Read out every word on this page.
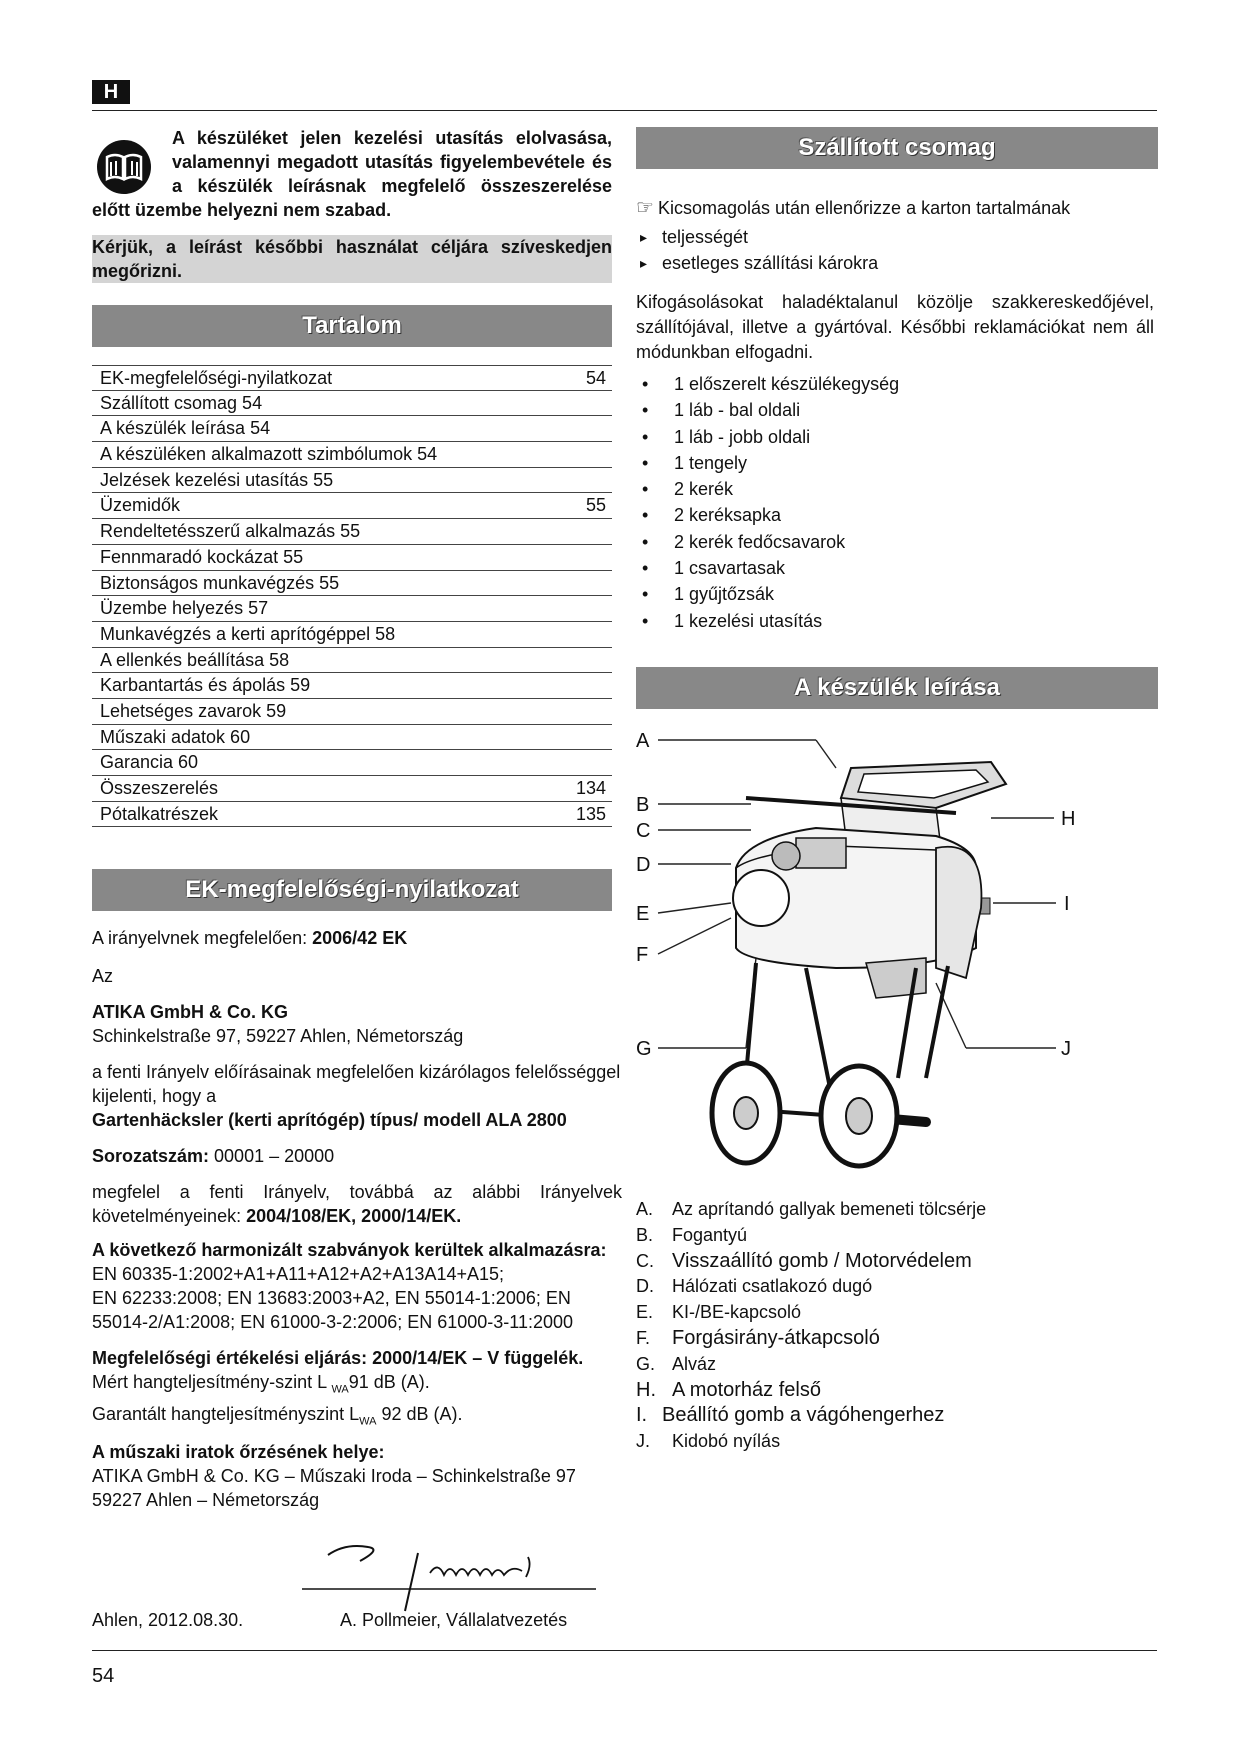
H
A készüléket jelen kezelési utasítás elolvasása, valamennyi megadott utasítás figyelembevétele és a készülék leírásnak megfelelő összeszerelése előtt üzembe helyezni nem szabad.
Kérjük, a leírást későbbi használat céljára szíveskedjen megőrizni.
Tartalom
EK-megfelelőségi-nyilatkozat	54
Szállított csomag 54
A készülék leírása 54
A készüléken alkalmazott szimbólumok 54
Jelzések kezelési utasítás 55
Üzemidők	55
Rendeltetésszerű alkalmazás 55
Fennmaradó kockázat 55
Biztonságos munkavégzés 55
Üzembe helyezés 57
Munkavégzés a kerti aprítógéppel 58
A ellenkés beállítása 58
Karbantartás és ápolás 59
Lehetséges zavarok 59
Műszaki adatok 60
Garancia 60
Összeszerelés	134
Pótalkatrészek	135
EK-megfelelőségi-nyilatkozat

A irányelvnek megfelelően: 2006/42 EK

Az

ATIKA GmbH & Co. KG

Schinkelstraße 97, 59227 Ahlen, Németország

a fenti Irányelv előírásainak megfelelően kizárólagos felelősséggel kijelenti, hogy a

Gartenhäcksler (kerti aprítógép) típus/ modell ALA 2800

Sorozatszám: 00001 – 20000

megfelel a fenti Irányelv, továbbá az alábbi Irányelvek követelményeinek: 2004/108/EK, 2000/14/EK.

A következő harmonizált szabványok kerültek alkalmazásra:

EN 60335-1:2002+A1+A11+A12+A2+A13A14+A15;

EN 62233:2008; EN 13683:2003+A2, EN 55014-1:2006; EN 55014-2/A1:2008; EN 61000-3-2:2006; EN 61000-3-11:2000

Megfelelőségi értékelési eljárás: 2000/14/EK – V függelék.

Mért hangteljesítmény-szint L $_{WA}$91 dB (A).

Garantált hangteljesítményszint $L_{WA}$ 92 dB (A).

A műszaki iratok őrzésének helye:

ATIKA GmbH & Co. KG – Műszaki Iroda – Schinkelstraße 97

59227 Ahlen – Németország

Ahlen, 2012.08.30.	A. Pollmeier, Vállalatvezetés
Szállított csomag

☞ Kicsomagolás után ellenőrizze a karton tartalmának

▸ teljességét
▸ esetleges szállítási károkra
Kifogásolásokat haladéktalanul közölje szakkereskedőjével, szállítójával, illetve a gyártóval. Későbbi reklamációkat nem áll módunkban elfogadni.
• 1 előszerelt készülékegység
• 1 láb - bal oldali
• 1 láb - jobb oldali
• 1 tengely
• 2 kerék
• 2 keréksapka
• 2 kerék fedőcsavarok
• 1 csavartasak
• 1 gyűjtőzsák
• 1 kezelési utasítás
A készülék leírása
A
B
C
D
E
F
G
H
I
J
A.	Az aprítandó gallyak bemeneti tölcsérje
B.	Fogantyú
C. Visszaállító gomb / Motorvédelem
D.	Hálózati csatlakozó dugó
E.	KI-/BE-kapcsoló
F.	Forgásirány-átkapcsoló
G. Alváz
H. A motorház felső
I. Beállító gomb a vágóhengerhez
J.	Kidobó nyílás
54
